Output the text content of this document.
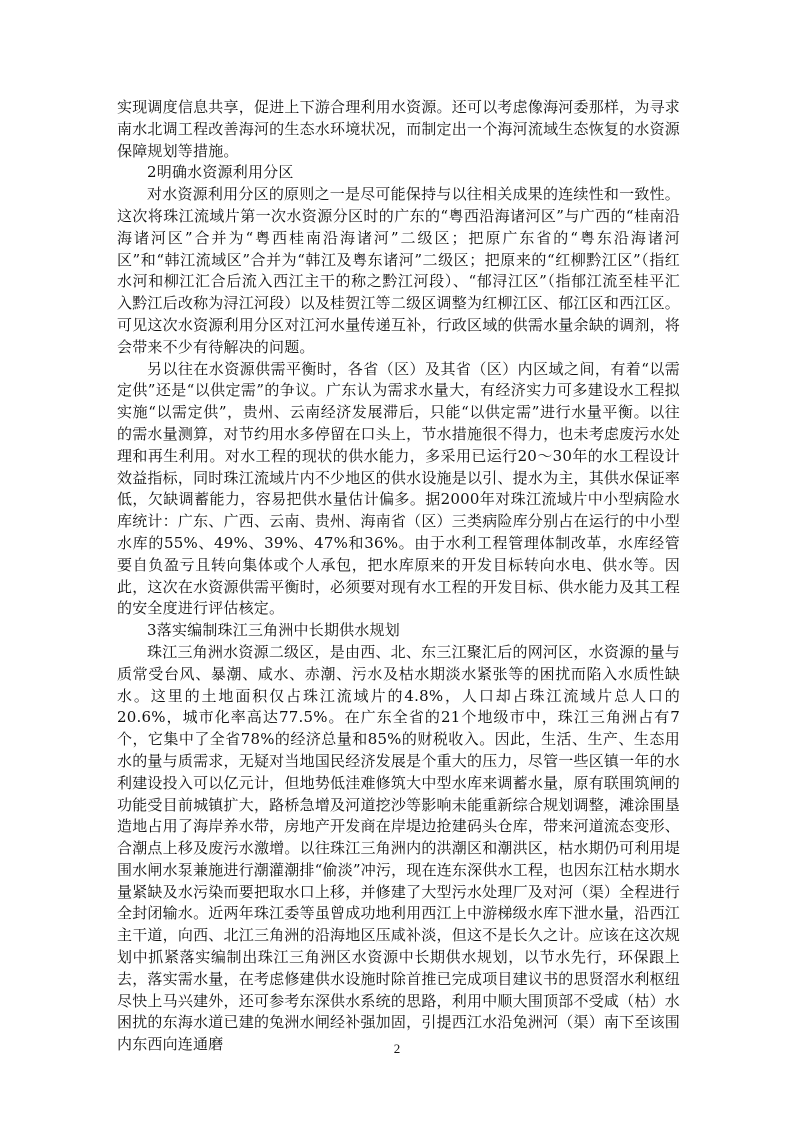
实现调度信息共享，促进上下游合理利用水资源。还可以考虑像海河委那样，为寻求南水北调工程改善海河的生态水环境状况，而制定出一个海河流域生态恢复的水资源保障规划等措施。

2明确水资源利用分区

对水资源利用分区的原则之一是尽可能保持与以往相关成果的连续性和一致性。这次将珠江流域片第一次水资源分区时的广东的“粤西沿海诸河区”与广西的“桂南沿海诸河区”合并为“粤西桂南沿海诸河”二级区；把原广东省的“粤东沿海诸河区”和“韩江流域区”合并为“韩江及粤东诸河”二级区；把原来的“红柳黔江区”（指红水河和柳江汇合后流入西江主干的称之黔江河段）、“郁浔江区”（指郁江流至桂平汇入黔江后改称为浔江河段）以及桂贺江等二级区调整为红柳江区、郁江区和西江区。可见这次水资源利用分区对江河水量传递互补，行政区域的供需水量余缺的调剂，将会带来不少有待解决的问题。

另以往在水资源供需平衡时，各省（区）及其省（区）内区域之间，有着“以需定供”还是“以供定需”的争议。广东认为需求水量大，有经济实力可多建设水工程拟实施“以需定供”，贵州、云南经济发展滞后，只能“以供定需”进行水量平衡。以往的需水量测算，对节约用水多停留在口头上，节水措施很不得力，也未考虑废污水处理和再生利用。对水工程的现状的供水能力，多采用已运行20～30年的水工程设计效益指标，同时珠江流域片内不少地区的供水设施是以引、提水为主，其供水保证率低，欠缺调蓄能力，容易把供水量估计偏多。据2000年对珠江流域片中小型病险水库统计：广东、广西、云南、贵州、海南省（区）三类病险库分别占在运行的中小型水库的55%、49%、39%、47%和36%。由于水利工程管理体制改革，水库经管要自负盈亏且转向集体或个人承包，把水库原来的开发目标转向水电、供水等。因此，这次在水资源供需平衡时，必须要对现有水工程的开发目标、供水能力及其工程的安全度进行评估核定。

3落实编制珠江三角洲中长期供水规划

珠江三角洲水资源二级区，是由西、北、东三江聚汇后的网河区，水资源的量与质常受台风、暴潮、咸水、赤潮、污水及枯水期淡水紧张等的困扰而陷入水质性缺水。这里的土地面积仅占珠江流域片的4.8%，人口却占珠江流域片总人口的20.6%，城市化率高达77.5%。在广东全省的21个地级市中，珠江三角洲占有7个，它集中了全省78%的经济总量和85%的财税收入。因此，生活、生产、生态用水的量与质需求，无疑对当地国民经济发展是个重大的压力，尽管一些区镇一年的水利建设投入可以亿元计，但地势低洼难修筑大中型水库来调蓄水量，原有联围筑闸的功能受目前城镇扩大，路桥急增及河道挖沙等影响未能重新综合规划调整，滩涂围垦造地占用了海岸养水带，房地产开发商在岸堤边抢建码头仓库，带来河道流态变形、合潮点上移及废污水激增。以往珠江三角洲内的洪潮区和潮洪区，枯水期仍可利用堤围水闸水泵兼施进行潮灌潮排“偷淡”冲污，现在连东深供水工程，也因东江枯水期水量紧缺及水污染而要把取水口上移，并修建了大型污水处理厂及对河（渠）全程进行全封闭输水。近两年珠江委等虽曾成功地利用西江上中游梯级水库下泄水量，沿西江主干道，向西、北江三角洲的沿海地区压咸补淡，但这不是长久之计。应该在这次规划中抓紧落实编制出珠江三角洲区水资源中长期供水规划，以节水先行，环保跟上去，落实需水量，在考虑修建供水设施时除首推已完成项目建议书的思贤滘水利枢纽尽快上马兴建外，还可参考东深供水系统的思路，利用中顺大围顶部不受咸（枯）水困扰的东海水道已建的兔洲水闸经补强加固，引提西江水沿兔洲河（渠）南下至该围内东西向连通磨	2
